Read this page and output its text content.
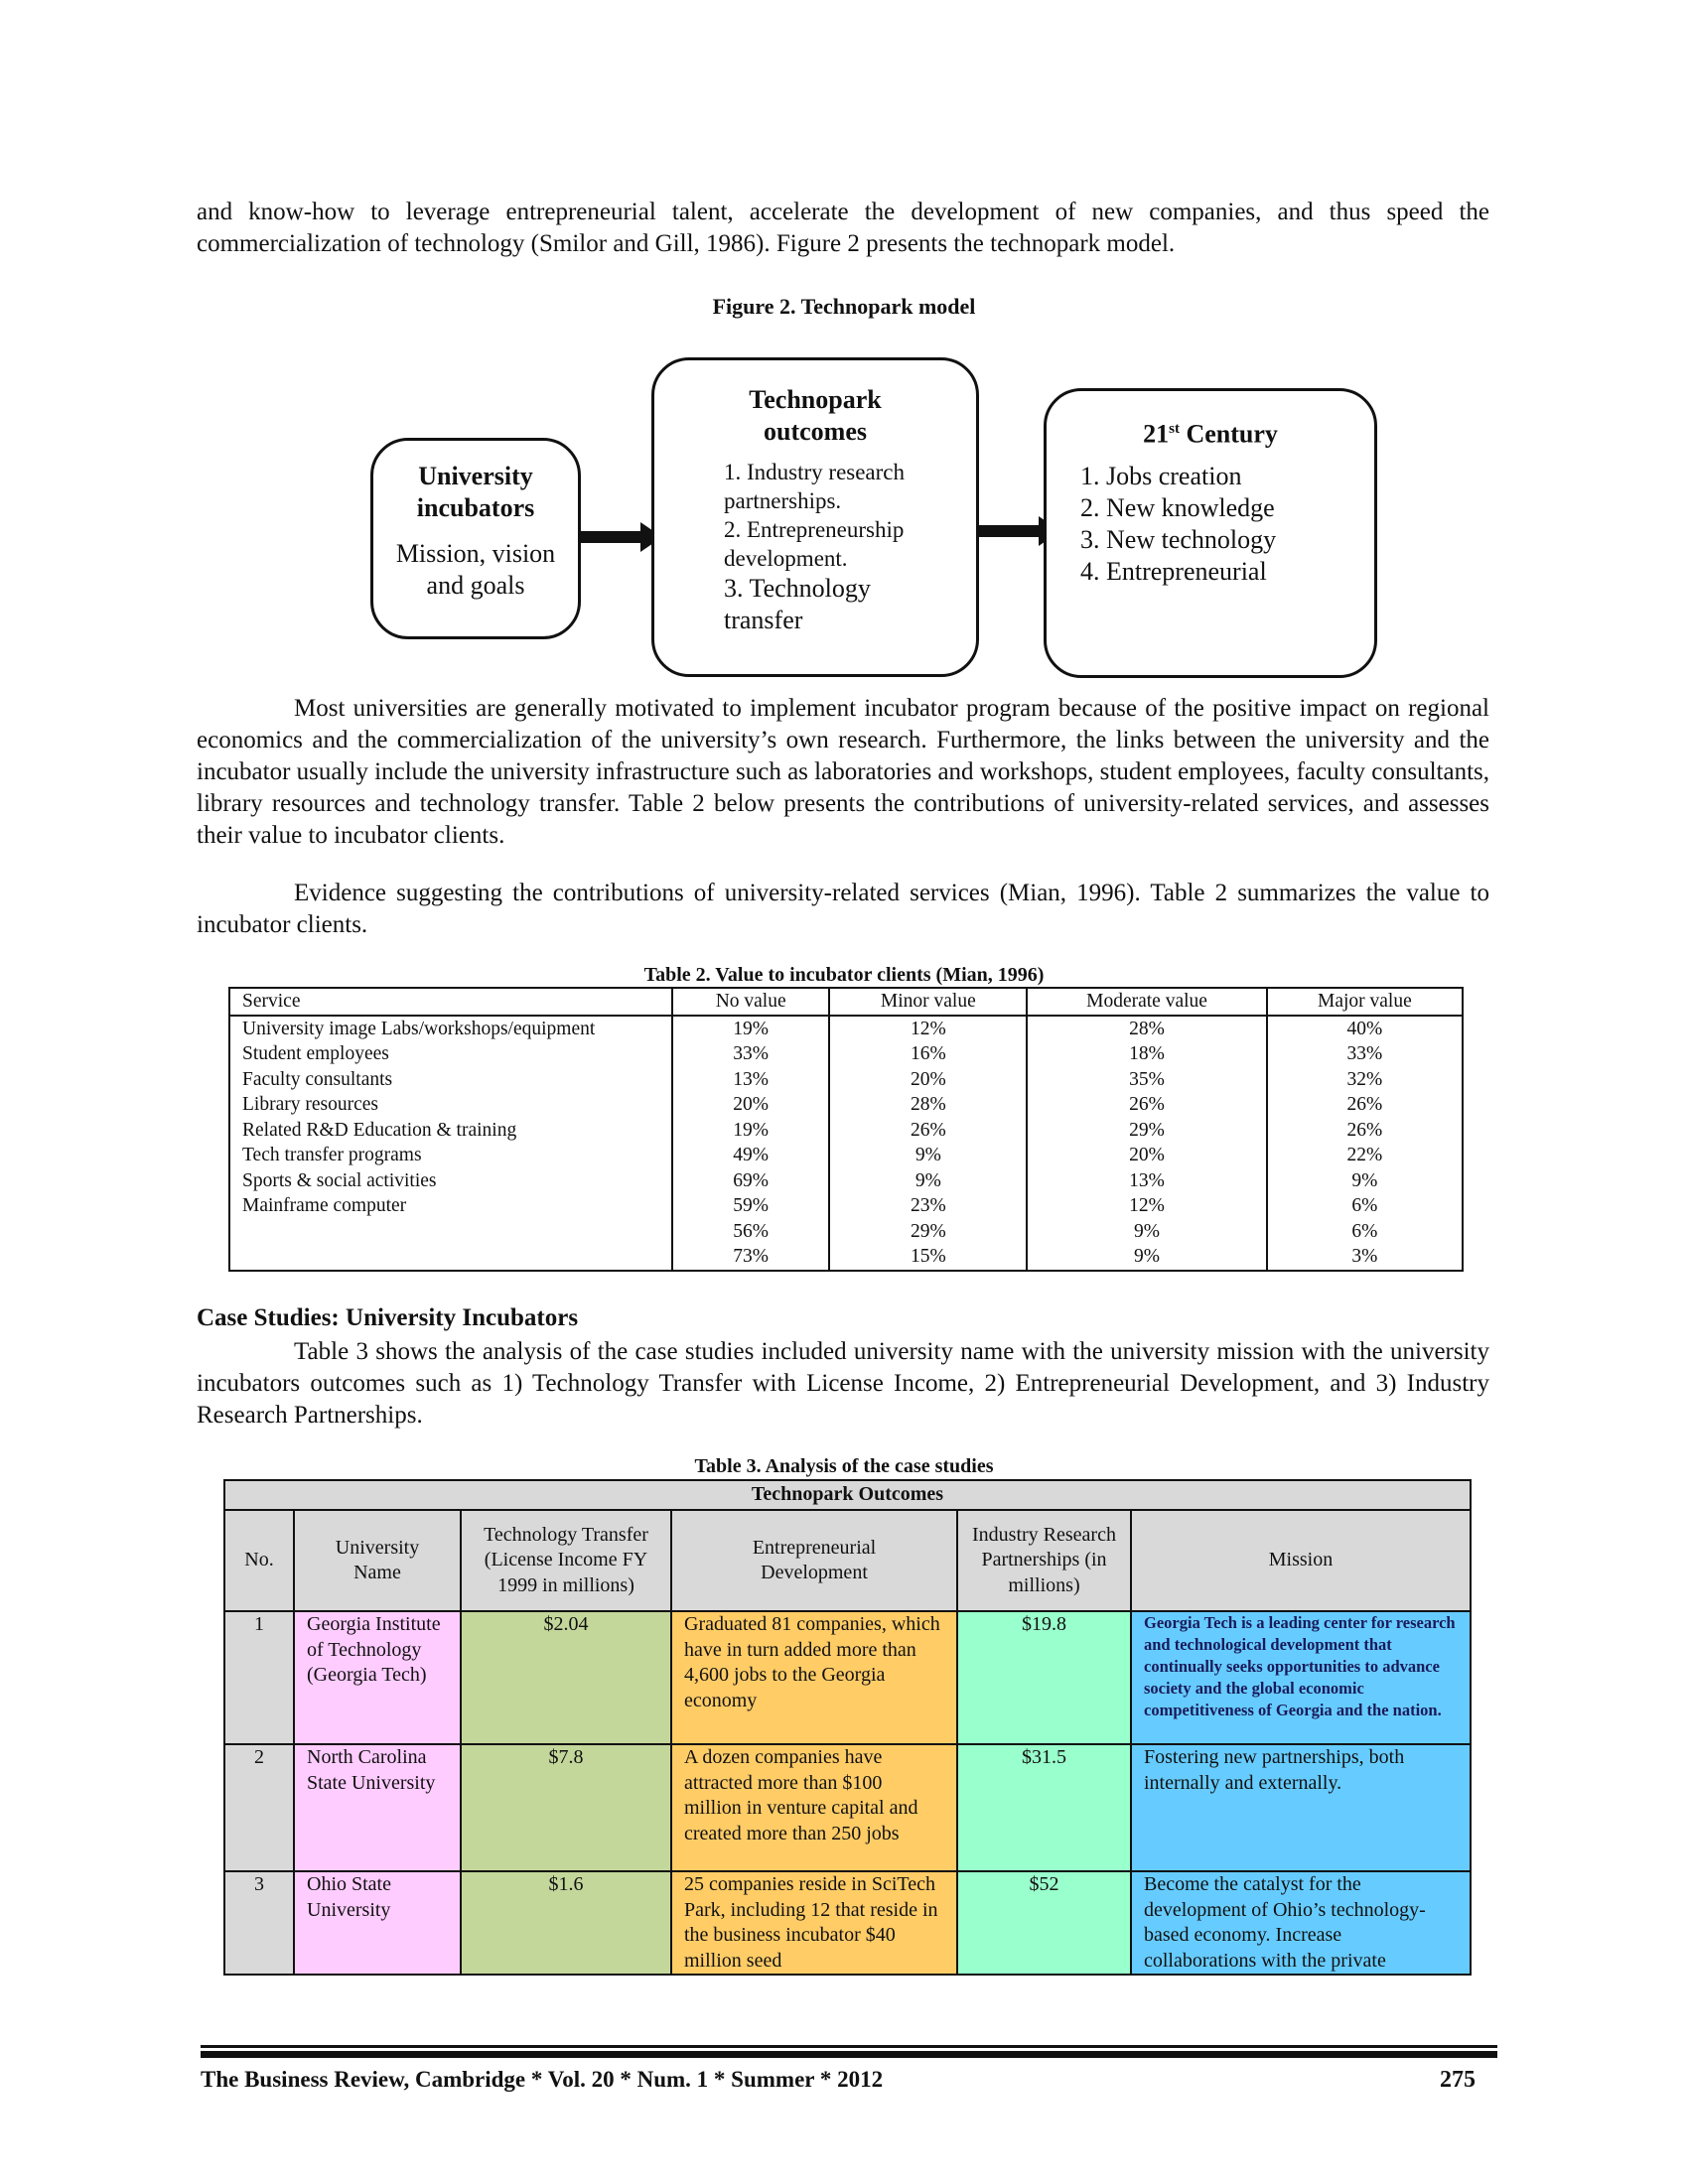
and know-how to leverage entrepreneurial talent, accelerate the development of new companies, and thus speed the commercialization of technology (Smilor and Gill, 1986). Figure 2 presents the technopark model.

Figure 2. Technopark model
University incubators
Mission, vision and goals
Technopark outcomes
1. Industry research partnerships.
2. Entrepreneurship development.
3. Technology transfer
21st Century
1. Jobs creation
2. New knowledge
3. New technology
4. Entrepreneurial

Most universities are generally motivated to implement incubator program because of the positive impact on regional economics and the commercialization of the university’s own research. Furthermore, the links between the university and the incubator usually include the university infrastructure such as laboratories and workshops, student employees, faculty consultants, library resources and technology transfer. Table 2 below presents the contributions of university-related services, and assesses their value to incubator clients.

Evidence suggesting the contributions of university-related services (Mian, 1996). Table 2 summarizes the value to incubator clients.

Table 2. Value to incubator clients (Mian, 1996)
Service	No value	Minor value	Moderate value	Major value
University image Labs/workshops/equipment	19%	12%	28%	40%
Student employees	33%	16%	18%	33%
Faculty consultants	13%	20%	35%	32%
Library resources	20%	28%	26%	26%
Related R&D Education & training	19%	26%	29%	26%
Tech transfer programs	49%	9%	20%	22%
Sports & social activities	69%	9%	13%	9%
Mainframe computer	59%	23%	12%	6%
	56%	29%	9%	6%
	73%	15%	9%	3%
Case Studies: University Incubators

Table 3 shows the analysis of the case studies included university name with the university mission with the university incubators outcomes such as 1) Technology Transfer with License Income, 2) Entrepreneurial Development, and 3) Industry Research Partnerships.

Table 3. Analysis of the case studies
Technopark Outcomes					
No.	University Name	Technology Transfer (License Income FY 1999 in millions)	Entrepreneurial Development	Industry Research Partnerships (in millions)	Mission
1	Georgia Institute of Technology (Georgia Tech)	$2.04	Graduated 81 companies, which have in turn added more than 4,600 jobs to the Georgia economy	$19.8	Georgia Tech is a leading center for research and technological development that continually seeks opportunities to advance society and the global economic competitiveness of Georgia and the nation.
2	North Carolina State University	$7.8	A dozen companies have attracted more than $100 million in venture capital and created more than 250 jobs	$31.5	Fostering new partnerships, both internally and externally.
3	Ohio State University	$1.6	25 companies reside in SciTech Park, including 12 that reside in the business incubator $40 million seed	$52	Become the catalyst for the development of Ohio’s technology-based economy. Increase collaborations with the private
The Business Review, Cambridge * Vol. 20 * Num. 1 * Summer * 2012	275
